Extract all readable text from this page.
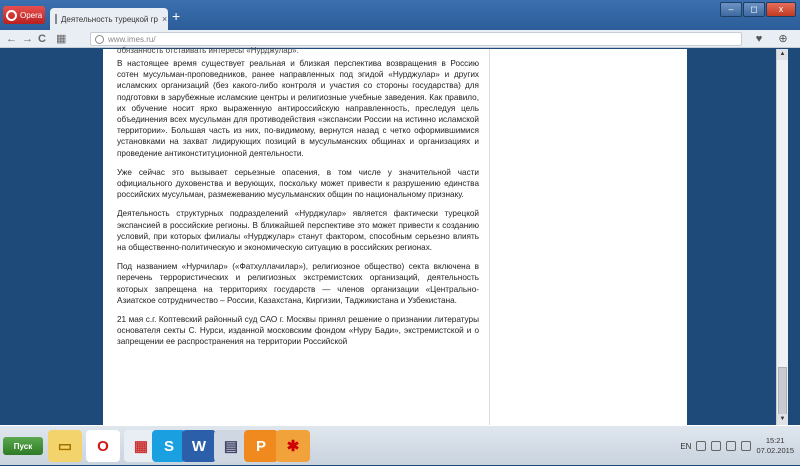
Opera Деятельность турецкой гр × +	–	◻	x
← → C ▦	www.imes.ru/	♥	⊕
обязанность отстаивать интересы «Нурджулар».

В настоящее время существует реальная и близкая перспектива возвращения в Россию сотен мусульман-проповедников, ранее направленных под эгидой «Нурджулар» и других исламских организаций (без какого-либо контроля и участия со стороны государства) для подготовки в зарубежные исламские центры и религиозные учебные заведения. Как правило, их обучение носит ярко выраженную антироссийскую направленность, преследуя цель объединения всех мусульман для противодействия «экспансии России на истинно исламской территории». Большая часть из них, по-видимому, вернутся назад с четко оформившимися установками на захват лидирующих позиций в мусульманских общинах и организациях и проведение антиконституционной деятельности.

Уже сейчас это вызывает серьезные опасения, в том числе у значительной части официального духовенства и верующих, поскольку может привести к разрушению единства российских мусульман, размежеванию мусульманских общин по национальному признаку.

Деятельность структурных подразделений «Нурджулар» является фактически турецкой экспансией в российские регионы. В ближайшей перспективе это может привести к созданию условий, при которых филиалы «Нурджулар» станут фактором, способным серьезно влиять на общественно-политическую и экономическую ситуацию в российских регионах.

Под названием «Нурчилар» («Фатхуллачилар»), религиозное общество) секта включена в перечень террористических и религиозных экстремистских организаций, деятельность которых запрещена на территориях государств — членов организации «Центрально-Азиатское сотрудничество – России, Казахстана, Киргизии, Таджикистана и Узбекистана.

21 мая с.г. Коптевский районный суд САО г. Москвы принял решение о признании литературы основателя секты С. Нурси, изданной московским фондом «Нуру Бади», экстремистской и о запрещении ее распространения на территории Российской

▲
▼
Пуск	▭	O	▦	S	W	▤	P	✱	EN
15:21
07.02.2015
